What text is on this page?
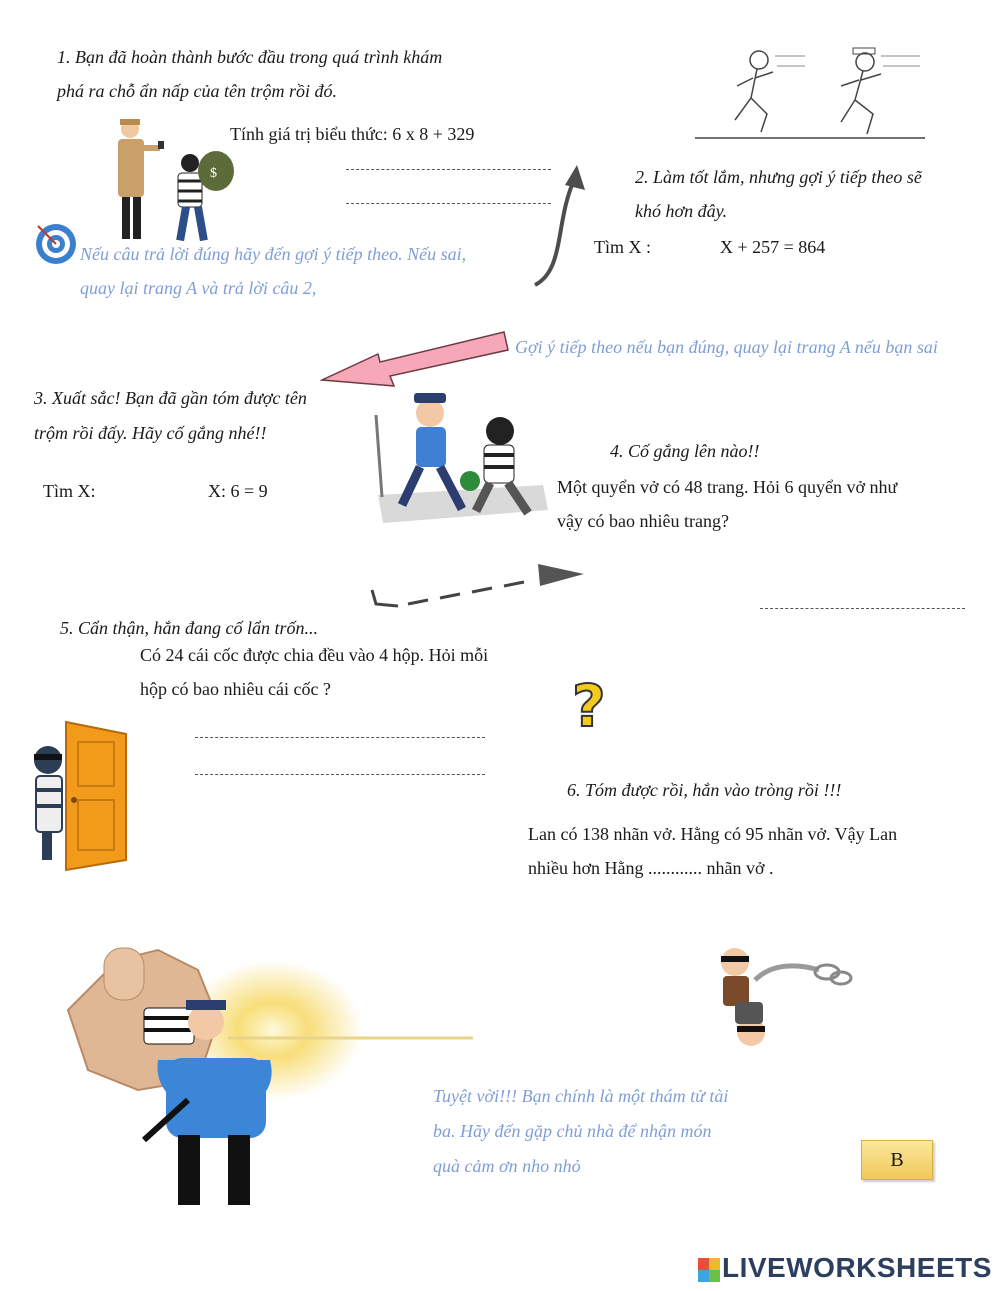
1. Bạn đã hoàn thành bước đầu trong quá trình khám
phá ra chỗ ẩn nấp của tên trộm rồi đó.
Tính giá trị biểu thức: 6 x 8 + 329
Nếu câu trả lời đúng hãy đến gợi ý tiếp theo. Nếu sai,
quay lại trang A và trả lời câu 2,
$	2. Làm tốt lắm, nhưng gợi ý tiếp theo sẽ
khó hơn đây.
Tìm X :	X + 257 = 864
Gợi ý tiếp theo nếu bạn đúng, quay lại trang A nếu bạn sai
3. Xuất sắc! Bạn đã gần tóm được tên
trộm rồi đấy. Hãy cố gắng nhé!!
Tìm X:	X: 6 = 9
4. Cố gắng lên nào!!
Một quyển vở có 48 trang. Hỏi 6 quyển vở như
vậy có bao nhiêu trang?
5. Cẩn thận, hắn đang cố lẩn trốn...
Có 24 cái cốc được chia đều vào 4 hộp. Hỏi mỗi
hộp có bao nhiêu cái cốc ?	?
6. Tóm được rồi, hắn vào tròng rồi !!!
Lan có 138 nhãn vở. Hằng có 95 nhãn vở. Vậy Lan
nhiều hơn Hằng ............ nhãn vở .
Tuyệt vời!!! Bạn chính là một thám tử tài
ba. Hãy đến gặp chủ nhà để nhận món
quà cảm ơn nho nhỏ	B
LIVEWORKSHEETS
